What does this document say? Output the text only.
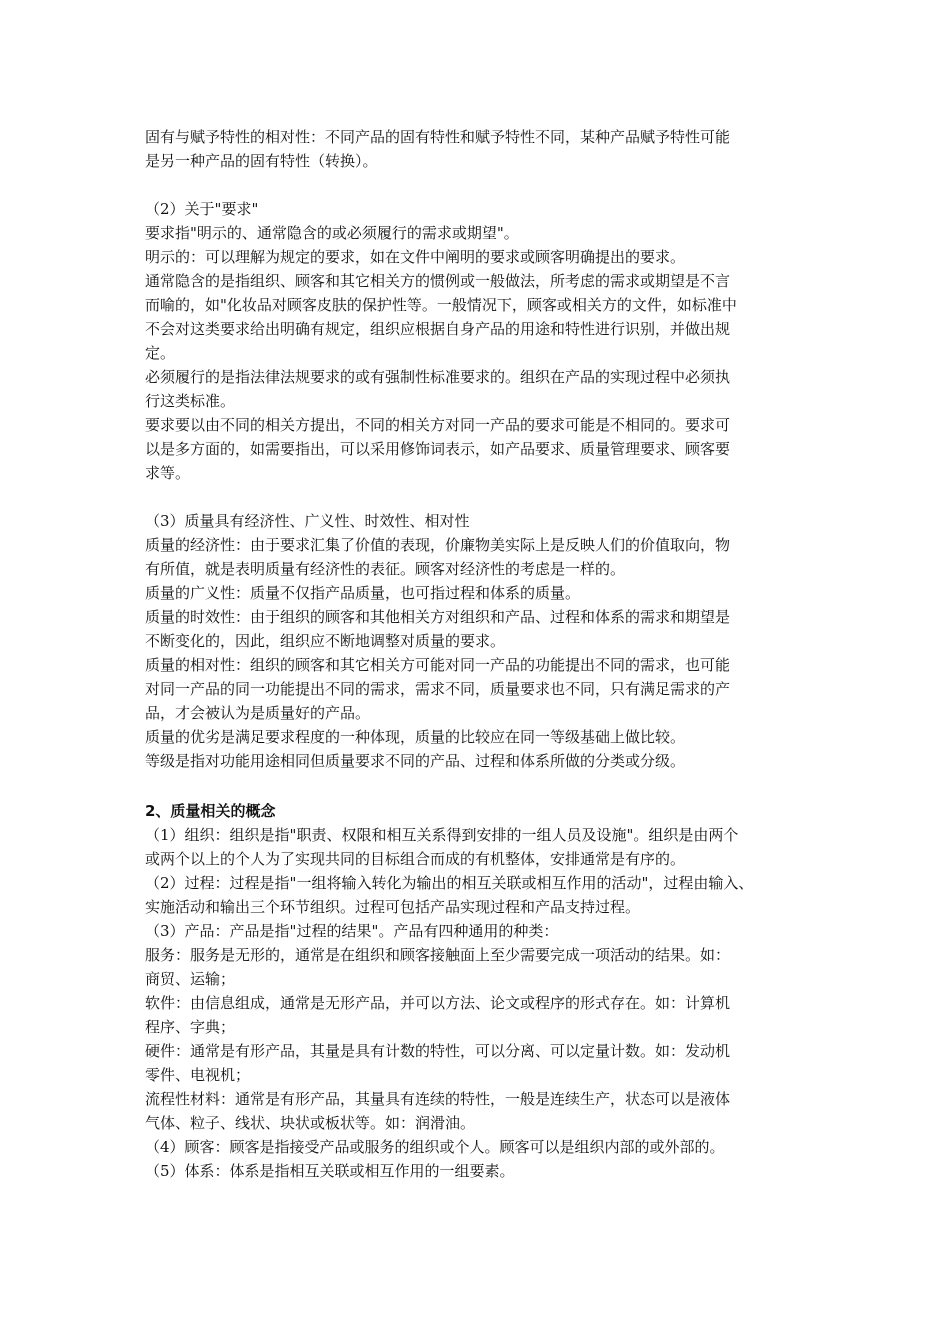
固有与赋予特性的相对性：不同产品的固有特性和赋予特性不同，某种产品赋予特性可能
是另一种产品的固有特性（转换）。
（2）关于"要求"
要求指"明示的、通常隐含的或必须履行的需求或期望"。
明示的：可以理解为规定的要求，如在文件中阐明的要求或顾客明确提出的要求。
通常隐含的是指组织、顾客和其它相关方的惯例或一般做法，所考虑的需求或期望是不言
而喻的，如"化妆品对顾客皮肤的保护性等。一般情况下，顾客或相关方的文件，如标准中
不会对这类要求给出明确有规定，组织应根据自身产品的用途和特性进行识别，并做出规
定。
必须履行的是指法律法规要求的或有强制性标准要求的。组织在产品的实现过程中必须执
行这类标准。
要求要以由不同的相关方提出，不同的相关方对同一产品的要求可能是不相同的。要求可
以是多方面的，如需要指出，可以采用修饰词表示，如产品要求、质量管理要求、顾客要
求等。
（3）质量具有经济性、广义性、时效性、相对性
质量的经济性：由于要求汇集了价值的表现，价廉物美实际上是反映人们的价值取向，物
有所值，就是表明质量有经济性的表征。顾客对经济性的考虑是一样的。
质量的广义性：质量不仅指产品质量，也可指过程和体系的质量。
质量的时效性：由于组织的顾客和其他相关方对组织和产品、过程和体系的需求和期望是
不断变化的，因此，组织应不断地调整对质量的要求。
质量的相对性：组织的顾客和其它相关方可能对同一产品的功能提出不同的需求，也可能
对同一产品的同一功能提出不同的需求，需求不同，质量要求也不同，只有满足需求的产
品，才会被认为是质量好的产品。
质量的优劣是满足要求程度的一种体现，质量的比较应在同一等级基础上做比较。
等级是指对功能用途相同但质量要求不同的产品、过程和体系所做的分类或分级。
2、质量相关的概念
（1）组织：组织是指"职责、权限和相互关系得到安排的一组人员及设施"。组织是由两个
或两个以上的个人为了实现共同的目标组合而成的有机整体，安排通常是有序的。
（2）过程：过程是指"一组将输入转化为输出的相互关联或相互作用的活动"，过程由输入、
实施活动和输出三个环节组织。过程可包括产品实现过程和产品支持过程。
（3）产品：产品是指"过程的结果"。产品有四种通用的种类：
服务：服务是无形的，通常是在组织和顾客接触面上至少需要完成一项活动的结果。如：
商贸、运输；
软件：由信息组成，通常是无形产品，并可以方法、论文或程序的形式存在。如：计算机
程序、字典；
硬件：通常是有形产品，其量是具有计数的特性，可以分离、可以定量计数。如：发动机
零件、电视机；
流程性材料：通常是有形产品，其量具有连续的特性，一般是连续生产，状态可以是液体
气体、粒子、线状、块状或板状等。如：润滑油。
（4）顾客：顾客是指接受产品或服务的组织或个人。顾客可以是组织内部的或外部的。
（5）体系：体系是指相互关联或相互作用的一组要素。
